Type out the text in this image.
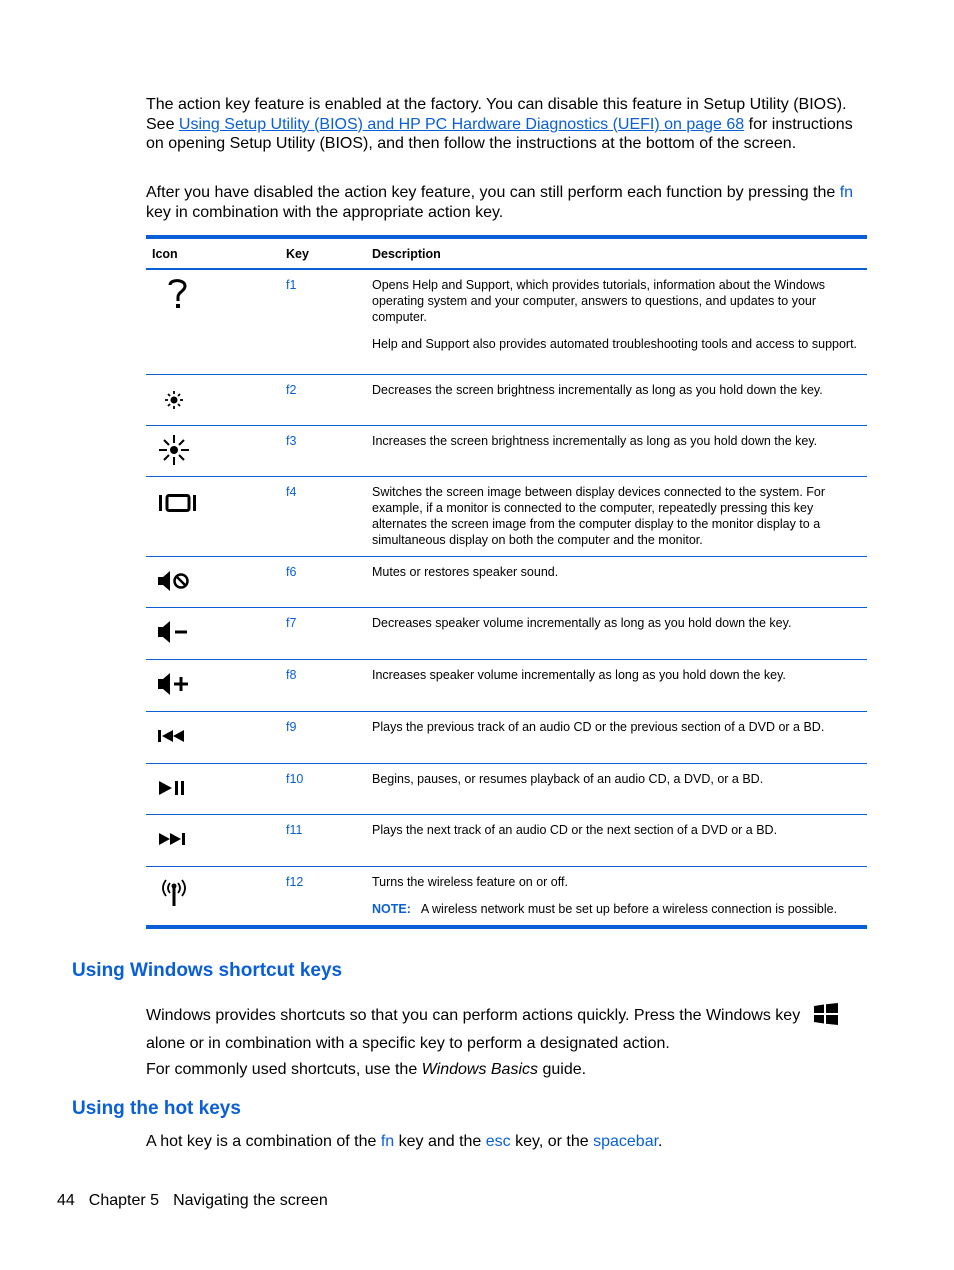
The action key feature is enabled at the factory. You can disable this feature in Setup Utility (BIOS). See Using Setup Utility (BIOS) and HP PC Hardware Diagnostics (UEFI) on page 68 for instructions on opening Setup Utility (BIOS), and then follow the instructions at the bottom of the screen.
After you have disabled the action key feature, you can still perform each function by pressing the fn key in combination with the appropriate action key.
Icon	Key	Description

	f1	Opens Help and Support, which provides tutorials, information about the Windows operating system and your computer, answers to questions, and updates to your computer.

Help and Support also provides automated troubleshooting tools and access to support.

	f2	Decreases the screen brightness incrementally as long as you hold down the key.

	f3	Increases the screen brightness incrementally as long as you hold down the key.

	f4	Switches the screen image between display devices connected to the system. For example, if a monitor is connected to the computer, repeatedly pressing this key alternates the screen image from the computer display to the monitor display to a simultaneous display on both the computer and the monitor.

	f6	Mutes or restores speaker sound.

	f7	Decreases speaker volume incrementally as long as you hold down the key.

	f8	Increases speaker volume incrementally as long as you hold down the key.

	f9	Plays the previous track of an audio CD or the previous section of a DVD or a BD.

	f10	Begins, pauses, or resumes playback of an audio CD, a DVD, or a BD.

	f11	Plays the next track of an audio CD or the next section of a DVD or a BD.

	f12	Turns the wireless feature on or off.

NOTE: A wireless network must be set up before a wireless connection is possible.

Using Windows shortcut keys
Windows provides shortcuts so that you can perform actions quickly. Press the Windows key
alone or in combination with a specific key to perform a designated action.
For commonly used shortcuts, use the Windows Basics guide.
Using the hot keys
A hot key is a combination of the fn key and the esc key, or the spacebar.
44 Chapter 5 Navigating the screen
